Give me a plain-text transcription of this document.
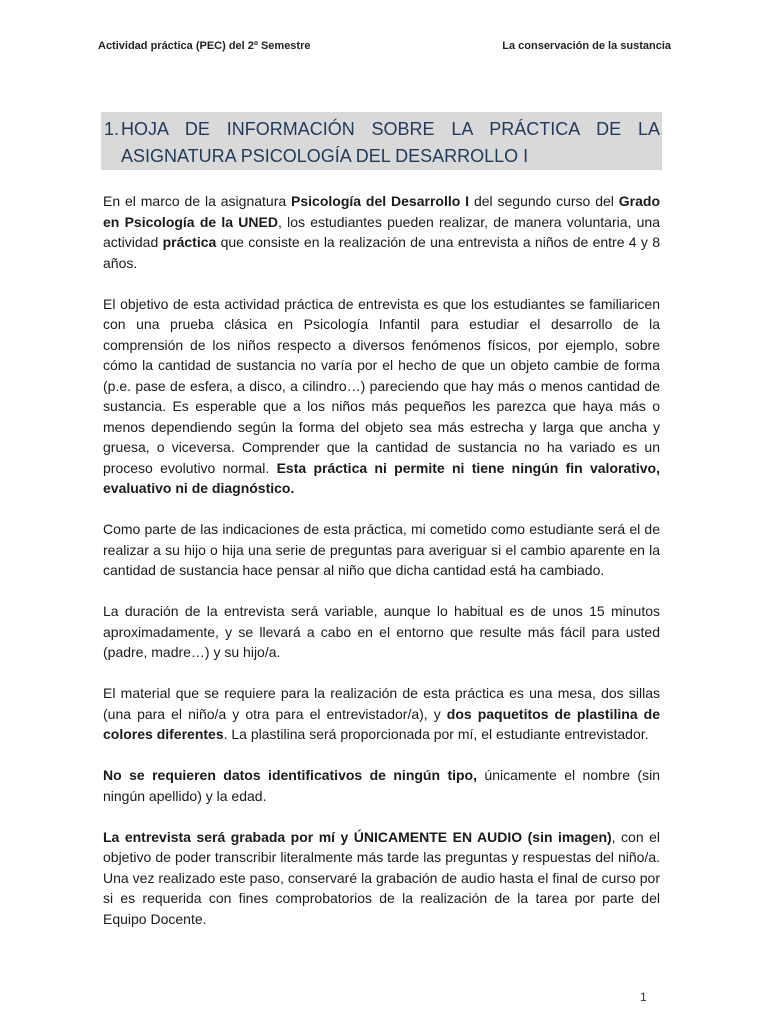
Actividad práctica (PEC) del 2º Semestre	La conservación de la sustancia
1. HOJA DE INFORMACIÓN SOBRE LA PRÁCTICA DE LA
ASIGNATURA PSICOLOGÍA DEL DESARROLLO I

En el marco de la asignatura Psicología del Desarrollo I del segundo curso del Grado en Psicología de la UNED, los estudiantes pueden realizar, de manera voluntaria, una actividad práctica que consiste en la realización de una entrevista a niños de entre 4 y 8 años.

El objetivo de esta actividad práctica de entrevista es que los estudiantes se familiaricen con una prueba clásica en Psicología Infantil para estudiar el desarrollo de la comprensión de los niños respecto a diversos fenómenos físicos, por ejemplo, sobre cómo la cantidad de sustancia no varía por el hecho de que un objeto cambie de forma (p.e. pase de esfera, a disco, a cilindro…) pareciendo que hay más o menos cantidad de sustancia. Es esperable que a los niños más pequeños les parezca que haya más o menos dependiendo según la forma del objeto sea más estrecha y larga que ancha y gruesa, o viceversa. Comprender que la cantidad de sustancia no ha variado es un proceso evolutivo normal. Esta práctica ni permite ni tiene ningún fin valorativo, evaluativo ni de diagnóstico.

Como parte de las indicaciones de esta práctica, mi cometido como estudiante será el de realizar a su hijo o hija una serie de preguntas para averiguar si el cambio aparente en la cantidad de sustancia hace pensar al niño que dicha cantidad está ha cambiado.

La duración de la entrevista será variable, aunque lo habitual es de unos 15 minutos aproximadamente, y se llevará a cabo en el entorno que resulte más fácil para usted (padre, madre…) y su hijo/a.

El material que se requiere para la realización de esta práctica es una mesa, dos sillas (una para el niño/a y otra para el entrevistador/a), y dos paquetitos de plastilina de colores diferentes. La plastilina será proporcionada por mí, el estudiante entrevistador.

No se requieren datos identificativos de ningún tipo, únicamente el nombre (sin ningún apellido) y la edad.

La entrevista será grabada por mí y ÚNICAMENTE EN AUDIO (sin imagen), con el objetivo de poder transcribir literalmente más tarde las preguntas y respuestas del niño/a. Una vez realizado este paso, conservaré la grabación de audio hasta el final de curso por si es requerida con fines comprobatorios de la realización de la tarea por parte del Equipo Docente.

1
